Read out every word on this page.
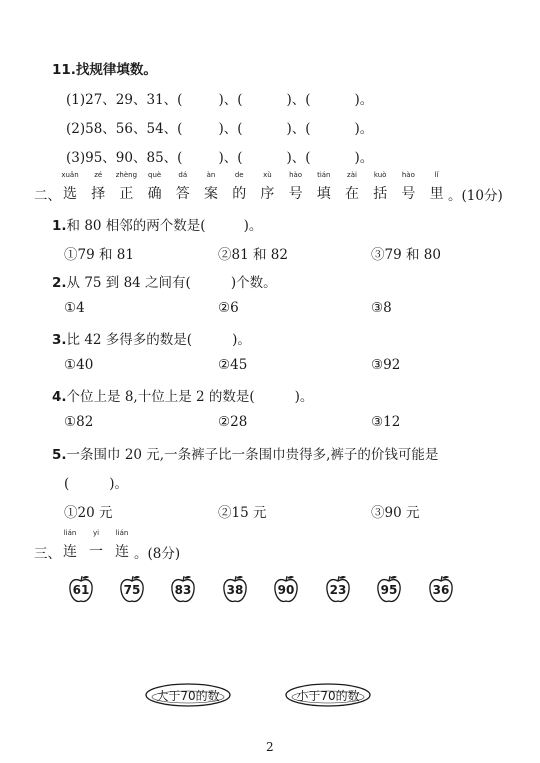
11.找规律填数。
(1)27、29、31、(	)、(	)、(	)。
(2)58、56、54、(	)、(	)、(	)。
(3)95、90、85、(	)、(	)、(	)。
二、
xuǎn	zé	zhèng	què	dá	àn	de	xù	hào	tián	zài	kuò	hào	lǐ
选	择	正	确	答	案	的	序	号	填	在	括	号	里 。(10分)
1.和 80 相邻的两个数是(	)。
①79 和 81	②81 和 82	③79 和 80
2.从 75 到 84 之间有(	)个数。
①4	②6	③8
3.比 42 多得多的数是(	)。
①40	②45	③92
4.个位上是 8,十位上是 2 的数是(	)。
①82	②28	③12
5.一条围巾 20 元,一条裤子比一条围巾贵得多,裤子的价钱可能是
(	)。
①20 元	②15 元	③90 元
三、
lián	yi	lián
连 一 连 。(8分)
61	75	83	38	90	23	95	36
大于70的数	小于70的数
2
